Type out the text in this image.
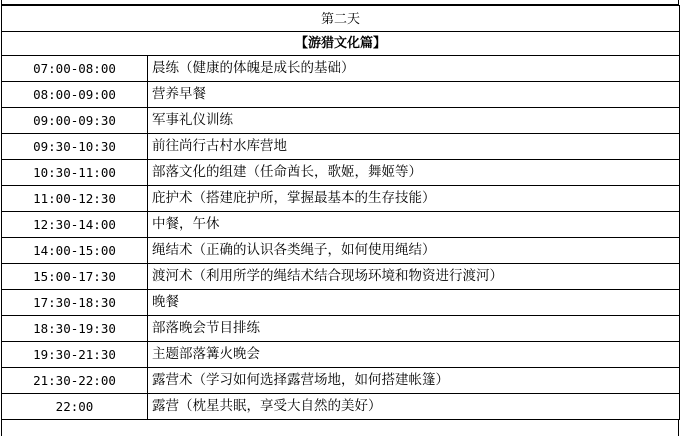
第二天	
【游猎文化篇】	
07:00-08:00	晨练（健康的体魄是成长的基础）
08:00-09:00	营养早餐
09:00-09:30	军事礼仪训练
09:30-10:30	前往尚行古村水库营地
10:30-11:00	部落文化的组建（任命酋长，歌姬，舞姬等）
11:00-12:30	庇护术（搭建庇护所，掌握最基本的生存技能）
12:30-14:00	中餐，午休
14:00-15:00	绳结术（正确的认识各类绳子，如何使用绳结）
15:00-17:30	渡河术（利用所学的绳结术结合现场环境和物资进行渡河）
17:30-18:30	晚餐
18:30-19:30	部落晚会节目排练
19:30-21:30	主题部落篝火晚会
21:30-22:00	露营术（学习如何选择露营场地，如何搭建帐篷）
22:00	露营（枕星共眠，享受大自然的美好）
